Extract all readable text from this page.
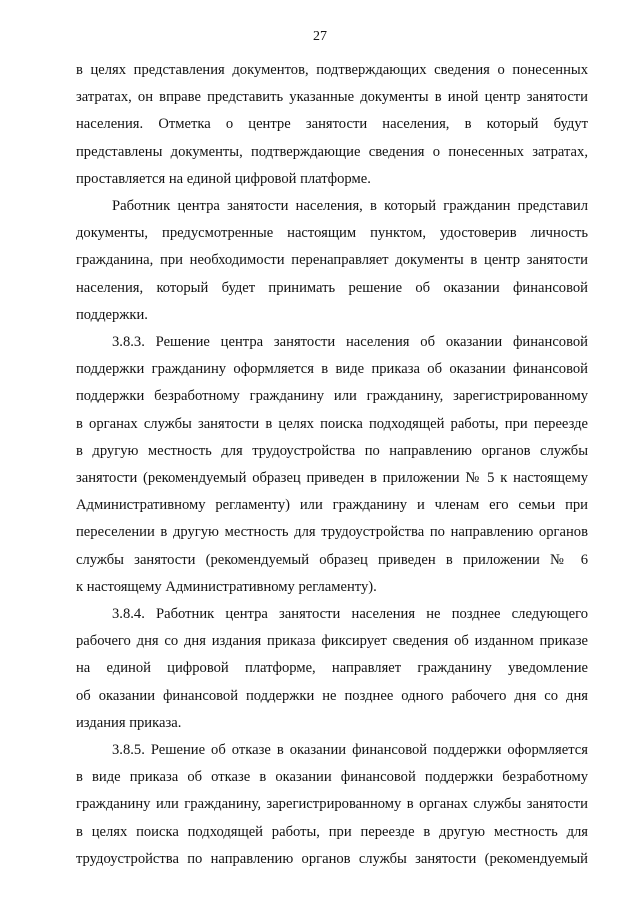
27
в целях представления документов, подтверждающих сведения о понесенных
затратах, он вправе представить указанные документы в иной центр занятости
населения. Отметка о центре занятости населения, в который будут
представлены документы, подтверждающие сведения о понесенных затратах,
проставляется на единой цифровой платформе.
Работник центра занятости населения, в который гражданин представил
документы, предусмотренные настоящим пунктом, удостоверив личность
гражданина, при необходимости перенаправляет документы в центр занятости
населения, который будет принимать решение об оказании финансовой
поддержки.
3.8.3. Решение центра занятости населения об оказании финансовой
поддержки гражданину оформляется в виде приказа об оказании финансовой
поддержки безработному гражданину или гражданину, зарегистрированному
в органах службы занятости в целях поиска подходящей работы, при переезде
в другую местность для трудоустройства по направлению органов службы
занятости (рекомендуемый образец приведен в приложении № 5 к настоящему
Административному регламенту) или гражданину и членам его семьи при
переселении в другую местность для трудоустройства по направлению органов
службы занятости (рекомендуемый образец приведен в приложении № 6
к настоящему Административному регламенту).
3.8.4. Работник центра занятости населения не позднее следующего
рабочего дня со дня издания приказа фиксирует сведения об изданном приказе
на единой цифровой платформе, направляет гражданину уведомление
об оказании финансовой поддержки не позднее одного рабочего дня со дня
издания приказа.
3.8.5. Решение об отказе в оказании финансовой поддержки оформляется
в виде приказа об отказе в оказании финансовой поддержки безработному
гражданину или гражданину, зарегистрированному в органах службы занятости
в целях поиска подходящей работы, при переезде в другую местность для
трудоустройства по направлению органов службы занятости (рекомендуемый
